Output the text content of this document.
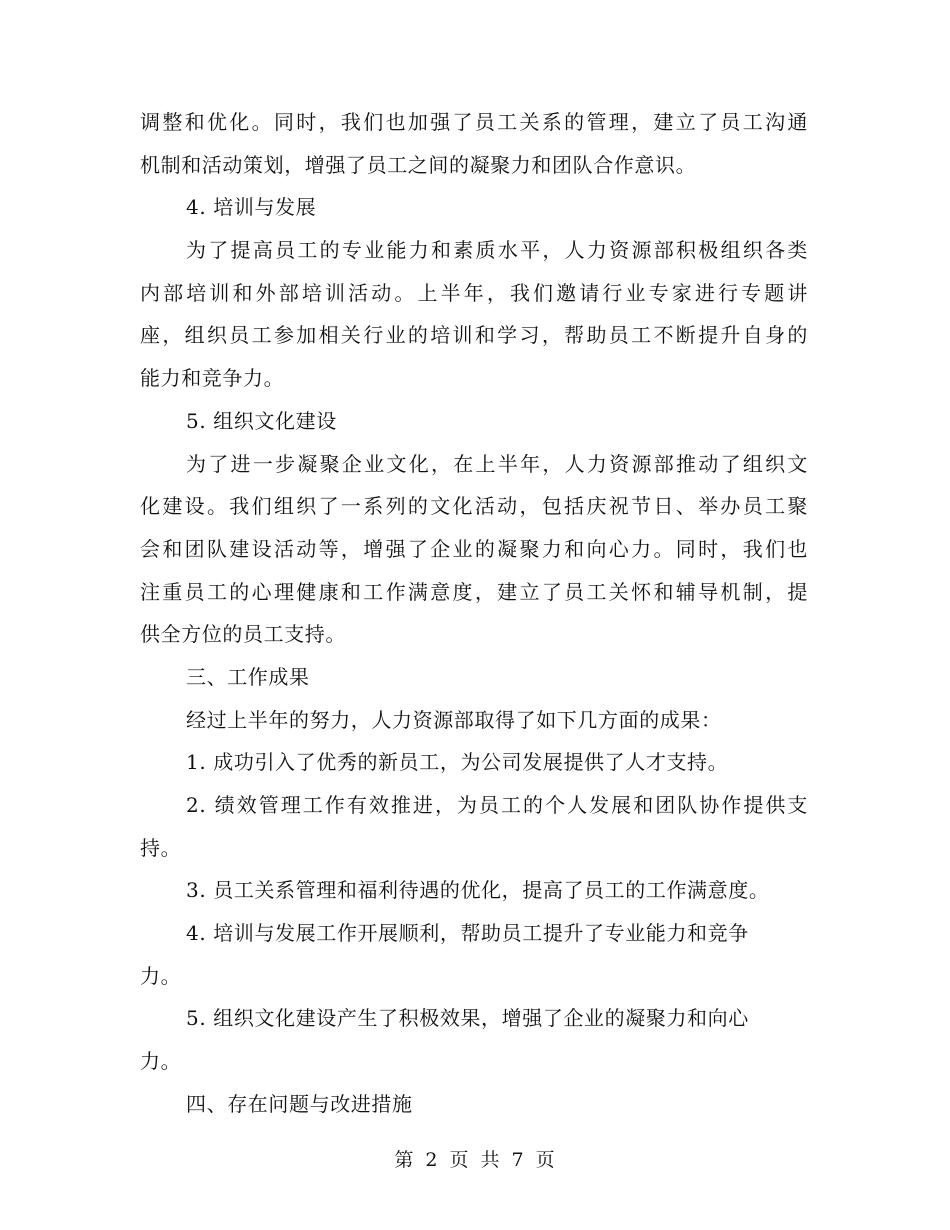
调整和优化。同时，我们也加强了员工关系的管理，建立了员工沟通
机制和活动策划，增强了员工之间的凝聚力和团队合作意识。
4. 培训与发展
为了提高员工的专业能力和素质水平，人力资源部积极组织各类
内部培训和外部培训活动。上半年，我们邀请行业专家进行专题讲
座，组织员工参加相关行业的培训和学习，帮助员工不断提升自身的
能力和竞争力。
5. 组织文化建设
为了进一步凝聚企业文化，在上半年，人力资源部推动了组织文
化建设。我们组织了一系列的文化活动，包括庆祝节日、举办员工聚
会和团队建设活动等，增强了企业的凝聚力和向心力。同时，我们也
注重员工的心理健康和工作满意度，建立了员工关怀和辅导机制，提
供全方位的员工支持。
三、工作成果
经过上半年的努力，人力资源部取得了如下几方面的成果：
1. 成功引入了优秀的新员工，为公司发展提供了人才支持。
2. 绩效管理工作有效推进，为员工的个人发展和团队协作提供支
持。
3. 员工关系管理和福利待遇的优化，提高了员工的工作满意度。
4. 培训与发展工作开展顺利，帮助员工提升了专业能力和竞争
力。
5. 组织文化建设产生了积极效果，增强了企业的凝聚力和向心
力。
四、存在问题与改进措施
第 2 页 共 7 页
